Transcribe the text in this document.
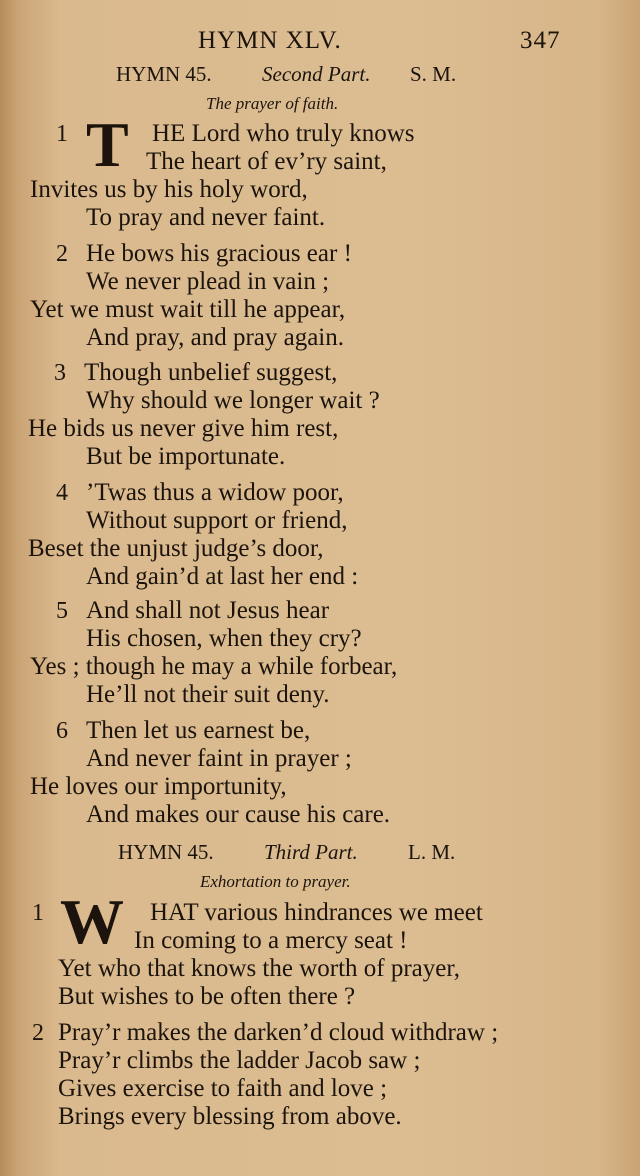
HYMN XLV.	347
HYMN 45. Second Part. S. M.
The prayer of faith.
1 T HE Lord who truly knows
The heart of ev’ry saint,
Invites us by his holy word,
To pray and never faint.
2 He bows his gracious ear !
We never plead in vain ;
Yet we must wait till he appear,
And pray, and pray again.
3 Though unbelief suggest,
Why should we longer wait ?
He bids us never give him rest,
But be importunate.
4 ’Twas thus a widow poor,
Without support or friend,
Beset the unjust judge’s door,
And gain’d at last her end :
5 And shall not Jesus hear
His chosen, when they cry?
Yes ; though he may a while forbear,
He’ll not their suit deny.
6 Then let us earnest be,
And never faint in prayer ;
He loves our importunity,
And makes our cause his care.
HYMN 45. Third Part. L. M.
Exhortation to prayer.
1 W HAT various hindrances we meet
In coming to a mercy seat !
Yet who that knows the worth of prayer,
But wishes to be often there ?
2 Pray’r makes the darken’d cloud withdraw ;
Pray’r climbs the ladder Jacob saw ;
Gives exercise to faith and love ;
Brings every blessing from above.
